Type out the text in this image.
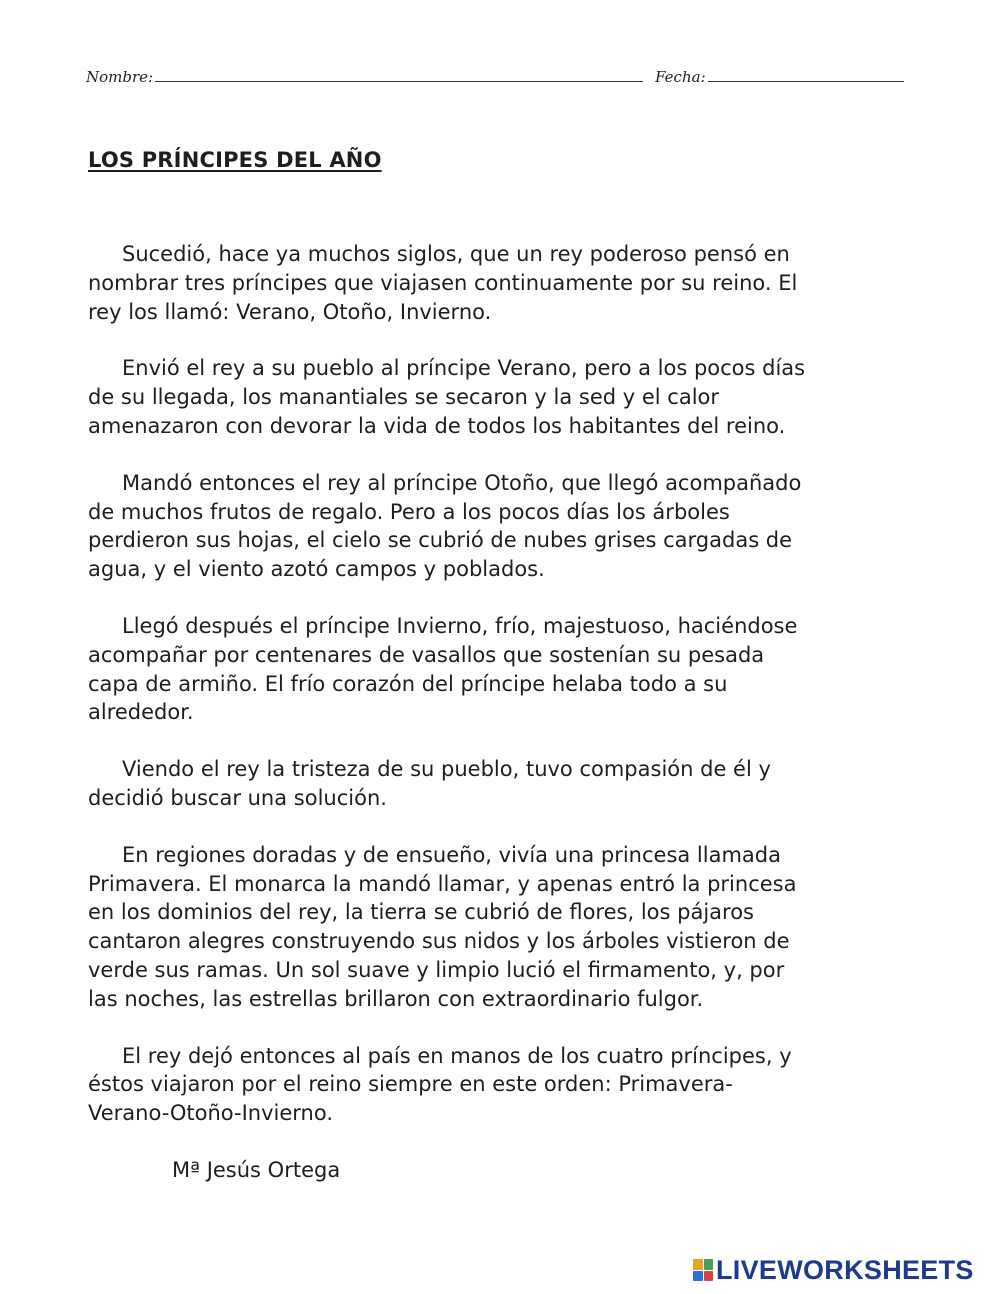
Nombre:	Fecha:
LOS PRÍNCIPES DEL AÑO

Sucedió, hace ya muchos siglos, que un rey poderoso pensó en
nombrar tres príncipes que viajasen continuamente por su reino. El
rey los llamó: Verano, Otoño, Invierno.

Envió el rey a su pueblo al príncipe Verano, pero a los pocos días
de su llegada, los manantiales se secaron y la sed y el calor
amenazaron con devorar la vida de todos los habitantes del reino.

Mandó entonces el rey al príncipe Otoño, que llegó acompañado
de muchos frutos de regalo. Pero a los pocos días los árboles
perdieron sus hojas, el cielo se cubrió de nubes grises cargadas de
agua, y el viento azotó campos y poblados.

Llegó después el príncipe Invierno, frío, majestuoso, haciéndose
acompañar por centenares de vasallos que sostenían su pesada
capa de armiño. El frío corazón del príncipe helaba todo a su
alrededor.

Viendo el rey la tristeza de su pueblo, tuvo compasión de él y
decidió buscar una solución.

En regiones doradas y de ensueño, vivía una princesa llamada
Primavera. El monarca la mandó llamar, y apenas entró la princesa
en los dominios del rey, la tierra se cubrió de flores, los pájaros
cantaron alegres construyendo sus nidos y los árboles vistieron de
verde sus ramas. Un sol suave y limpio lució el firmamento, y, por
las noches, las estrellas brillaron con extraordinario fulgor.

El rey dejó entonces al país en manos de los cuatro príncipes, y
éstos viajaron por el reino siempre en este orden: Primavera-
Verano-Otoño-Invierno.

Mª Jesús Ortega

LIVEWORKSHEETS
